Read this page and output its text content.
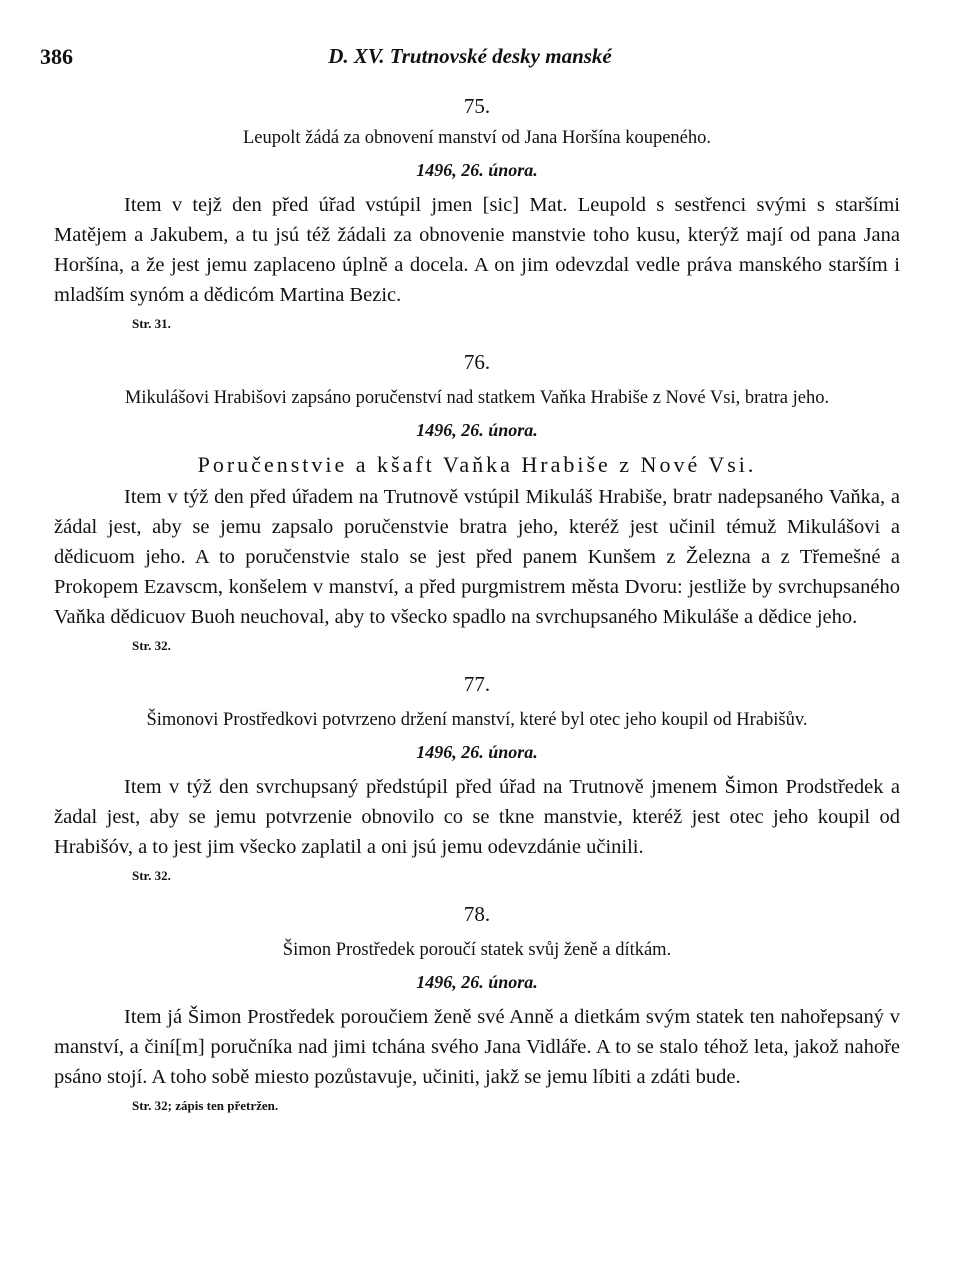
386	D. XV. Trutnovské desky manské
75.
Leupolt žádá za obnovení manství od Jana Horšína koupeného.
1496, 26. února.

Item v tejž den před úřad vstúpil jmen [sic] Mat. Leupold s sestřenci svými s staršími Matějem a Jakubem, a tu jsú též žádali za obnovenie manstvie toho kusu, kterýž mají od pana Jana Horšína, a že jest jemu zaplaceno úplně a docela. A on jim odevzdal vedle práva manského starším i mladším synóm a dědicóm Martina Bezic.

Str. 31.
76.
Mikulášovi Hrabišovi zapsáno poručenství nad statkem Vaňka Hrabiše z Nové Vsi, bratra jeho.
1496, 26. února.
Poručenstvie a kšaft Vaňka Hrabiše z Nové Vsi.

Item v týž den před úřadem na Trutnově vstúpil Mikuláš Hrabiše, bratr nadepsaného Vaňka, a žádal jest, aby se jemu zapsalo poručenstvie bratra jeho, kteréž jest učinil témuž Mikulášovi a dědicuom jeho. A to poručenstvie stalo se jest před panem Kunšem z Železna a z Třemešné a Prokopem Ezavscm, konšelem v manství, a před purgmistrem města Dvoru: jestliže by svrchupsaného Vaňka dědicuov Buoh neuchoval, aby to všecko spadlo na svrchupsaného Mikuláše a dědice jeho.

Str. 32.
77.
Šimonovi Prostředkovi potvrzeno držení manství, které byl otec jeho koupil od Hrabišův.
1496, 26. února.

Item v týž den svrchupsaný předstúpil před úřad na Trutnově jmenem Šimon Prodstředek a žadal jest, aby se jemu potvrzenie obnovilo co se tkne manstvie, kteréž jest otec jeho koupil od Hrabišóv, a to jest jim všecko zaplatil a oni jsú jemu odevzdánie učinili.

Str. 32.
78.
Šimon Prostředek poroučí statek svůj ženě a dítkám.
1496, 26. února.

Item já Šimon Prostředek poroučiem ženě své Anně a dietkám svým statek ten nahořepsaný v manství, a činí[m] poručníka nad jimi tchána svého Jana Vidláře. A to se stalo téhož leta, jakož nahoře psáno stojí. A toho sobě miesto pozůstavuje, učiniti, jakž se jemu líbiti a zdáti bude.

Str. 32; zápis ten přetržen.
